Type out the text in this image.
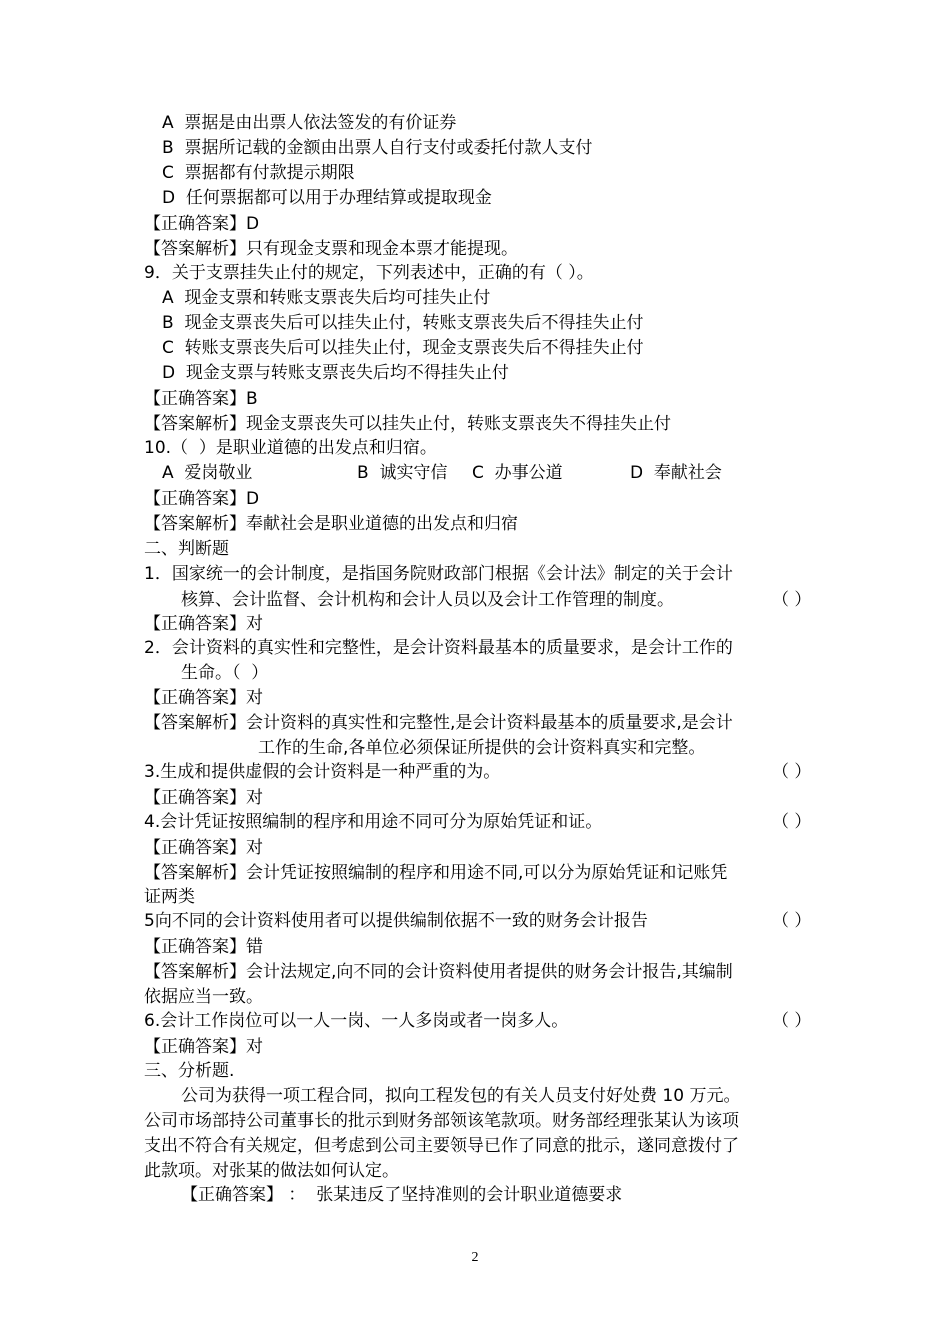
A  票据是由出票人依法签发的有价证券
B  票据所记载的金额由出票人自行支付或委托付款人支付
C  票据都有付款提示期限
D  任何票据都可以用于办理结算或提取现金
【正确答案】D
【答案解析】只有现金支票和现金本票才能提现。
9．关于支票挂失止付的规定，下列表述中，正确的有（ ）。
A  现金支票和转账支票丧失后均可挂失止付
B  现金支票丧失后可以挂失止付，转账支票丧失后不得挂失止付
C  转账支票丧失后可以挂失止付，现金支票丧失后不得挂失止付
D  现金支票与转账支票丧失后均不得挂失止付
【正确答案】B
【答案解析】现金支票丧失可以挂失止付，转账支票丧失不得挂失止付
10.（  ）是职业道德的出发点和归宿。
A  爱岗敬业	B  诚实守信 C  办事公道	D  奉献社会
【正确答案】D
【答案解析】奉献社会是职业道德的出发点和归宿
二、判断题
1．国家统一的会计制度，是指国务院财政部门根据《会计法》制定的关于会计
核算、会计监督、会计机构和会计人员以及会计工作管理的制度。	（ ）
【正确答案】对
2．会计资料的真实性和完整性，是会计资料最基本的质量要求，是会计工作的
生命。（  ）
【正确答案】对
【答案解析】会计资料的真实性和完整性,是会计资料最基本的质量要求,是会计
工作的生命,各单位必须保证所提供的会计资料真实和完整。
3.生成和提供虚假的会计资料是一种严重的为。	（ ）
【正确答案】对
4.会计凭证按照编制的程序和用途不同可分为原始凭证和证。	（ ）
【正确答案】对
【答案解析】会计凭证按照编制的程序和用途不同,可以分为原始凭证和记账凭
证两类
5向不同的会计资料使用者可以提供编制依据不一致的财务会计报告	（ ）
【正确答案】错
【答案解析】会计法规定,向不同的会计资料使用者提供的财务会计报告,其编制
依据应当一致。
6.会计工作岗位可以一人一岗、一人多岗或者一岗多人。	（ ）
【正确答案】对
三、分析题.
公司为获得一项工程合同，拟向工程发包的有关人员支付好处费 10 万元。
公司市场部持公司董事长的批示到财务部领该笔款项。财务部经理张某认为该项
支出不符合有关规定，但考虑到公司主要领导已作了同意的批示，遂同意拨付了
此款项。对张某的做法如何认定。
【正确答案】 ：  张某违反了坚持准则的会计职业道德要求
2
